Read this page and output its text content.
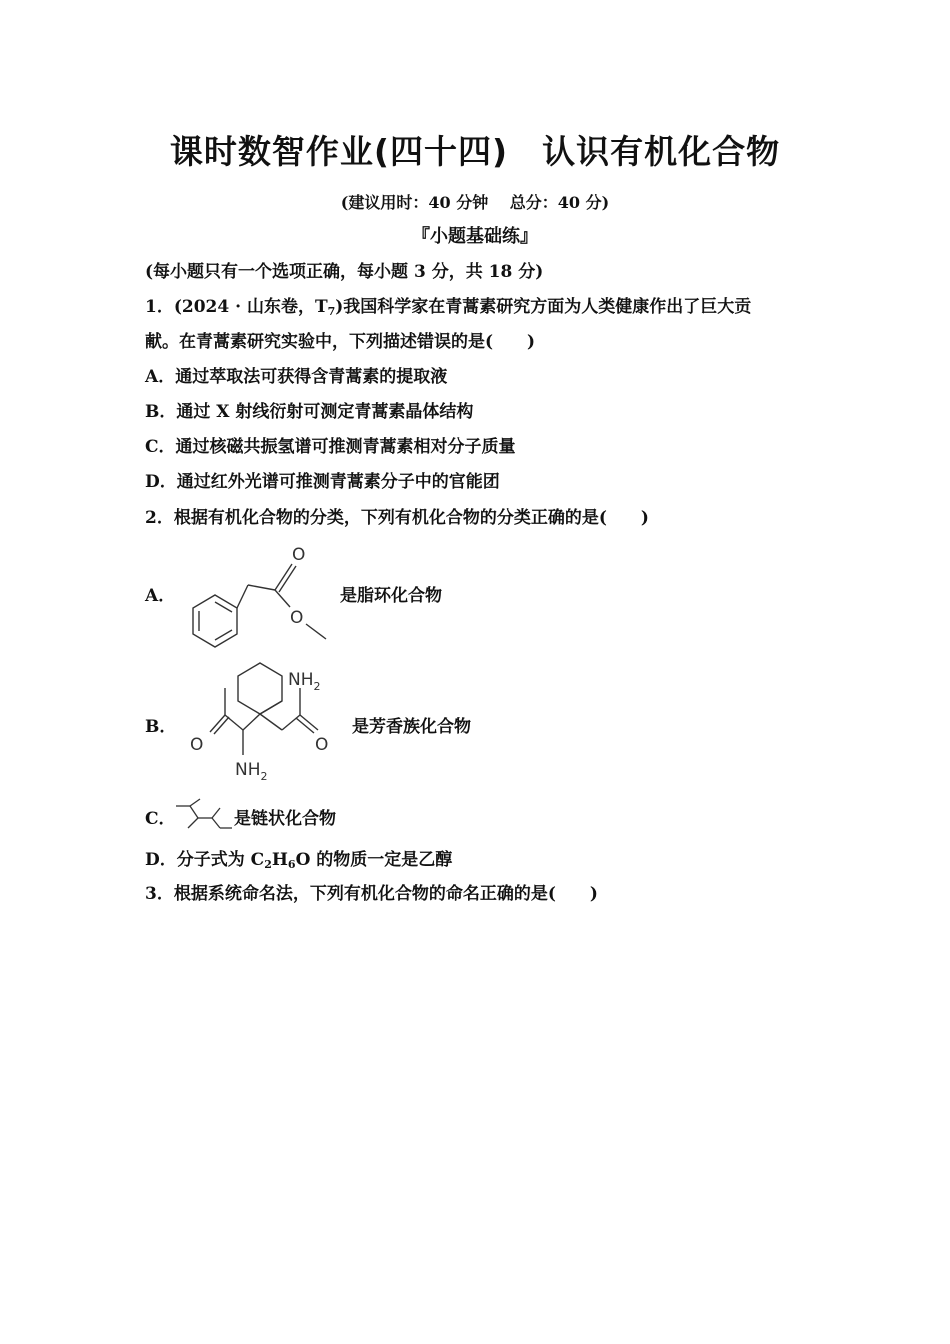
课时数智作业(四十四)　认识有机化合物
(建议用时：40 分钟　 总分：40 分)
『小题基础练』
(每小题只有一个选项正确，每小题 3 分，共 18 分)
1．(2024 · 山东卷，$T_7$)我国科学家在青蒿素研究方面为人类健康作出了巨大贡
献。在青蒿素研究实验中，下列描述错误的是(　　)
A．通过萃取法可获得含青蒿素的提取液
B．通过 X 射线衍射可测定青蒿素晶体结构
C．通过核磁共振氢谱可推测青蒿素相对分子质量
D．通过红外光谱可推测青蒿素分子中的官能团
2．根据有机化合物的分类，下列有机化合物的分类正确的是(　　)
A．
O
O
是脂环化合物
B．
$NH_2$
O	O
$NH_2$
是芳香族化合物
C．	是链状化合物
D．分子式为 $C_2H_6O$ 的物质一定是乙醇
3．根据系统命名法，下列有机化合物的命名正确的是(　　)
